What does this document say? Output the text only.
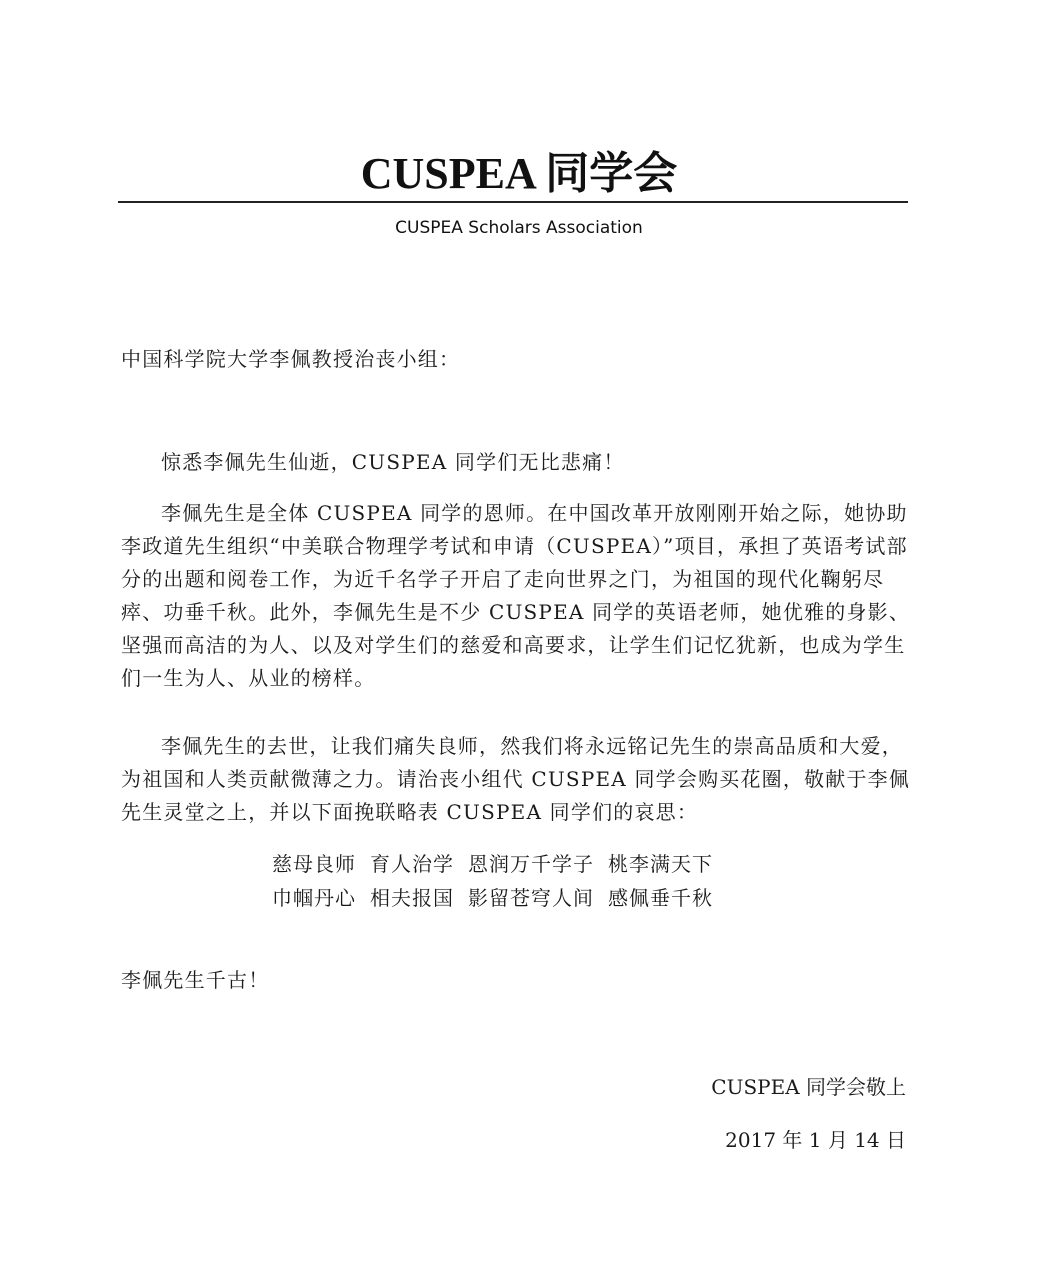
CUSPEA 同学会
CUSPEA Scholars Association
中国科学院大学李佩教授治丧小组：
惊悉李佩先生仙逝，CUSPEA 同学们无比悲痛！
李佩先生是全体 CUSPEA 同学的恩师。在中国改革开放刚刚开始之际，她协助李政道先生组织“中美联合物理学考试和申请（CUSPEA）”项目，承担了英语考试部分的出题和阅卷工作，为近千名学子开启了走向世界之门，为祖国的现代化鞠躬尽瘁、功垂千秋。此外，李佩先生是不少 CUSPEA 同学的英语老师，她优雅的身影、坚强而高洁的为人、以及对学生们的慈爱和高要求，让学生们记忆犹新，也成为学生们一生为人、从业的榜样。
李佩先生的去世，让我们痛失良师，然我们将永远铭记先生的崇高品质和大爱，为祖国和人类贡献微薄之力。请治丧小组代 CUSPEA 同学会购买花圈，敬献于李佩先生灵堂之上，并以下面挽联略表 CUSPEA 同学们的哀思：
慈母良师 育人治学 恩润万千学子 桃李满天下
巾帼丹心 相夫报国 影留苍穹人间 感佩垂千秋
李佩先生千古！
CUSPEA 同学会敬上
2017 年 1 月 14 日
